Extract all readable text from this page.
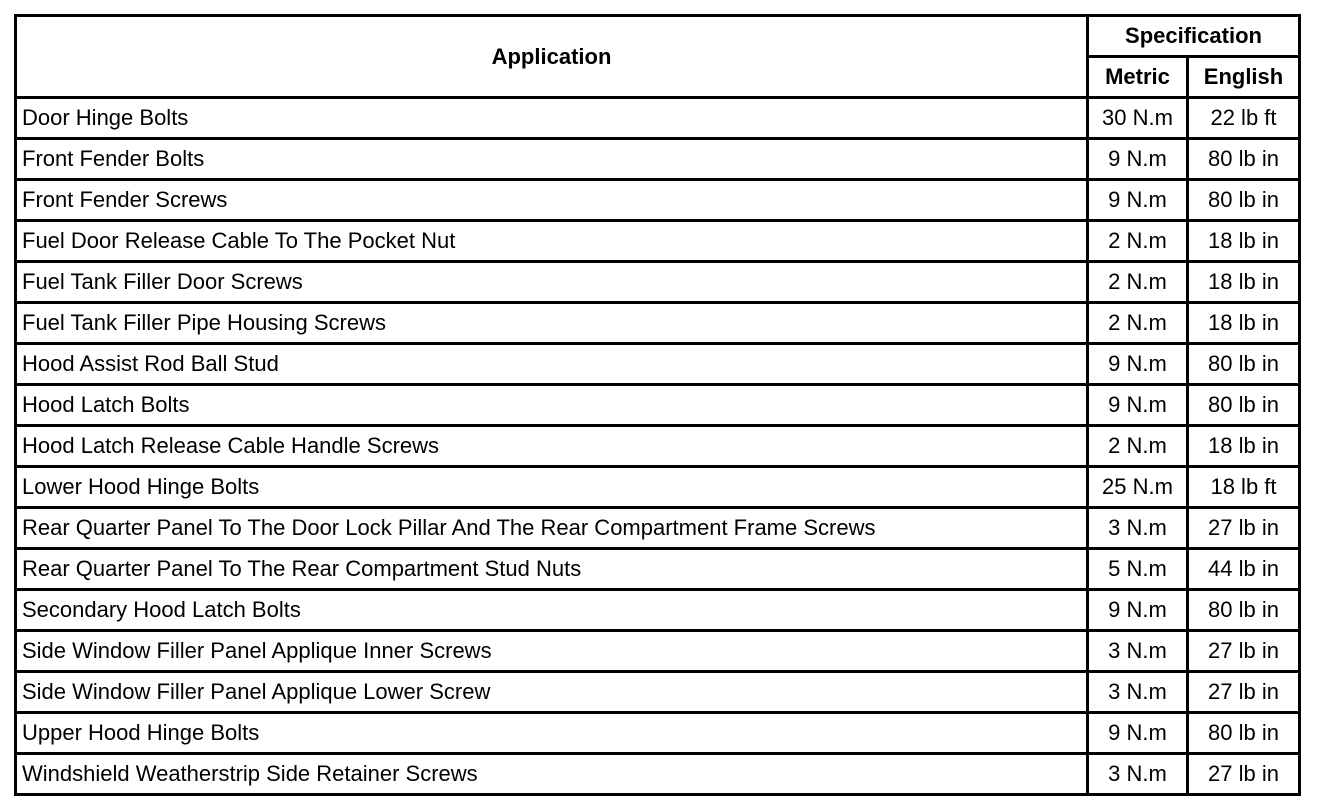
Application	Specification	
	Metric	English
Door Hinge Bolts	30 N.m	22 lb ft
Front Fender Bolts	9 N.m	80 lb in
Front Fender Screws	9 N.m	80 lb in
Fuel Door Release Cable To The Pocket Nut	2 N.m	18 lb in
Fuel Tank Filler Door Screws	2 N.m	18 lb in
Fuel Tank Filler Pipe Housing Screws	2 N.m	18 lb in
Hood Assist Rod Ball Stud	9 N.m	80 lb in
Hood Latch Bolts	9 N.m	80 lb in
Hood Latch Release Cable Handle Screws	2 N.m	18 lb in
Lower Hood Hinge Bolts	25 N.m	18 lb ft
Rear Quarter Panel To The Door Lock Pillar And The Rear Compartment Frame Screws	3 N.m	27 lb in
Rear Quarter Panel To The Rear Compartment Stud Nuts	5 N.m	44 lb in
Secondary Hood Latch Bolts	9 N.m	80 lb in
Side Window Filler Panel Applique Inner Screws	3 N.m	27 lb in
Side Window Filler Panel Applique Lower Screw	3 N.m	27 lb in
Upper Hood Hinge Bolts	9 N.m	80 lb in
Windshield Weatherstrip Side Retainer Screws	3 N.m	27 lb in
